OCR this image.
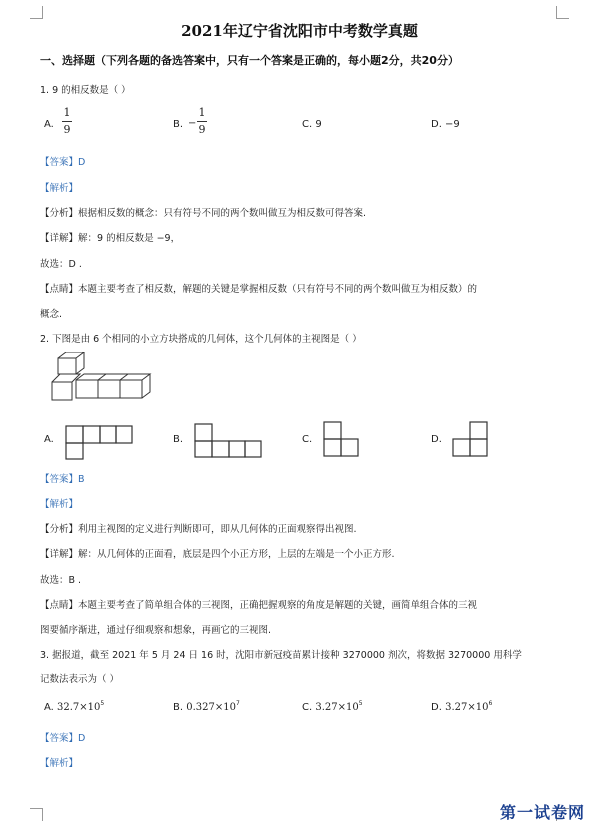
2021年辽宁省沈阳市中考数学真题
一、选择题（下列各题的备选答案中，只有一个答案是正确的，每小题2分，共20分）
1. 9 的相反数是（ ）
A.
1
9	B. −
1
9	C. 9	D. −9
【答案】D
【解析】
【分析】根据相反数的概念：只有符号不同的两个数叫做互为相反数可得答案.
【详解】解：9 的相反数是 −9，
故选：D .
【点睛】本题主要考查了相反数，解题的关键是掌握相反数（只有符号不同的两个数叫做互为相反数）的
概念.
2. 下图是由 6 个相同的小立方块搭成的几何体，这个几何体的主视图是（ ）
A.	B.	C.	D.
【答案】B
【解析】
【分析】利用主视图的定义进行判断即可，即从几何体的正面观察得出视图.
【详解】解：从几何体的正面看，底层是四个小正方形，上层的左端是一个小正方形.
故选：B .
【点睛】本题主要考查了简单组合体的三视图，正确把握观察的角度是解题的关键，画简单组合体的三视
图要循序渐进，通过仔细观察和想象，再画它的三视图.
3. 据报道，截至 2021 年 5 月 24 日 16 时，沈阳市新冠疫苗累计接种 3270000 剂次，将数据 3270000 用科学
记数法表示为（ ）
A. $32.7\times 10^5$	B. $0.327\times 10^7$	C. $3.27\times 10^5$	D. $3.27\times 10^6$
【答案】D
【解析】
第一试卷网
